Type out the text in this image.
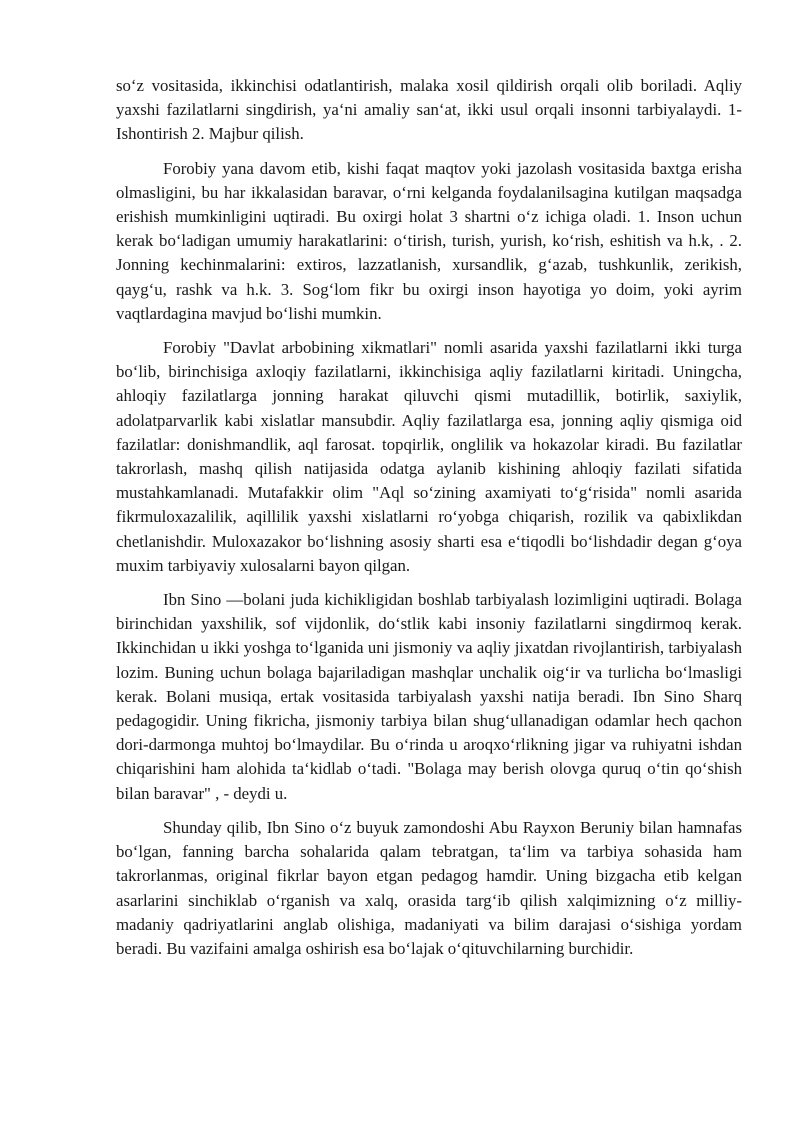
so‘z vositasida, ikkinchisi odatlantirish, malaka xosil qildirish orqali olib boriladi. Aqliy yaxshi fazilatlarni singdirish, ya‘ni amaliy san‘at, ikki usul orqali insonni tarbiyalaydi. 1- Ishontirish 2. Majbur qilish.

Forobiy yana davom etib, kishi faqat maqtov yoki jazolash vositasida baxtga erisha olmasligini, bu har ikkalasidan baravar, o‘rni kelganda foydalanilsagina kutilgan maqsadga erishish mumkinligini uqtiradi. Bu oxirgi holat 3 shartni o‘z ichiga oladi. 1. Inson uchun kerak bo‘ladigan umumiy harakatlarini: o‘tirish, turish, yurish, ko‘rish, eshitish va h.k, . 2. Jonning kechinmalarini: extiros, lazzatlanish, xursandlik, g‘azab, tushkunlik, zerikish, qayg‘u, rashk va h.k. 3. Sog‘lom fikr bu oxirgi inson hayotiga yo doim, yoki ayrim vaqtlardagina mavjud bo‘lishi mumkin.

Forobiy "Davlat arbobining xikmatlari" nomli asarida yaxshi fazilatlarni ikki turga bo‘lib, birinchisiga axloqiy fazilatlarni, ikkinchisiga aqliy fazilatlarni kiritadi. Uningcha, ahloqiy fazilatlarga jonning harakat qiluvchi qismi mutadillik, botirlik, saxiylik, adolatparvarlik kabi xislatlar mansubdir. Aqliy fazilatlarga esa, jonning aqliy qismiga oid fazilatlar: donishmandlik, aql farosat. topqirlik, onglilik va hokazolar kiradi. Bu fazilatlar takrorlash, mashq qilish natijasida odatga aylanib kishining ahloqiy fazilati sifatida mustahkamlanadi. Mutafakkir olim "Aql so‘zining axamiyati to‘g‘risida" nomli asarida fikrmuloxazalilik, aqillilik yaxshi xislatlarni ro‘yobga chiqarish, rozilik va qabixlikdan chetlanishdir. Muloxazakor bo‘lishning asosiy sharti esa e‘tiqodli bo‘lishdadir degan g‘oya muxim tarbiyaviy xulosalarni bayon qilgan.

Ibn Sino —bolani juda kichikligidan boshlab tarbiyalash lozimligini uqtiradi. Bolaga birinchidan yaxshilik, sof vijdonlik, do‘stlik kabi insoniy fazilatlarni singdirmoq kerak. Ikkinchidan u ikki yoshga to‘lganida uni jismoniy va aqliy jixatdan rivojlantirish, tarbiyalash lozim. Buning uchun bolaga bajariladigan mashqlar unchalik oig‘ir va turlicha bo‘lmasligi kerak. Bolani musiqa, ertak vositasida tarbiyalash yaxshi natija beradi. Ibn Sino Sharq pedagogidir. Uning fikricha, jismoniy tarbiya bilan shug‘ullanadigan odamlar hech qachon dori-darmonga muhtoj bo‘lmaydilar. Bu o‘rinda u aroqxo‘rlikning jigar va ruhiyatni ishdan chiqarishini ham alohida ta‘kidlab o‘tadi. "Bolaga may berish olovga quruq o‘tin qo‘shish bilan baravar" , - deydi u.

Shunday qilib, Ibn Sino o‘z buyuk zamondoshi Abu Rayxon Beruniy bilan hamnafas bo‘lgan, fanning barcha sohalarida qalam tebratgan, ta‘lim va tarbiya sohasida ham takrorlanmas, original fikrlar bayon etgan pedagog hamdir. Uning bizgacha etib kelgan asarlarini sinchiklab o‘rganish va xalq, orasida targ‘ib qilish xalqimizning o‘z milliy-madaniy qadriyatlarini anglab olishiga, madaniyati va bilim darajasi o‘sishiga yordam beradi. Bu vazifaini amalga oshirish esa bo‘lajak o‘qituvchilarning burchidir.
